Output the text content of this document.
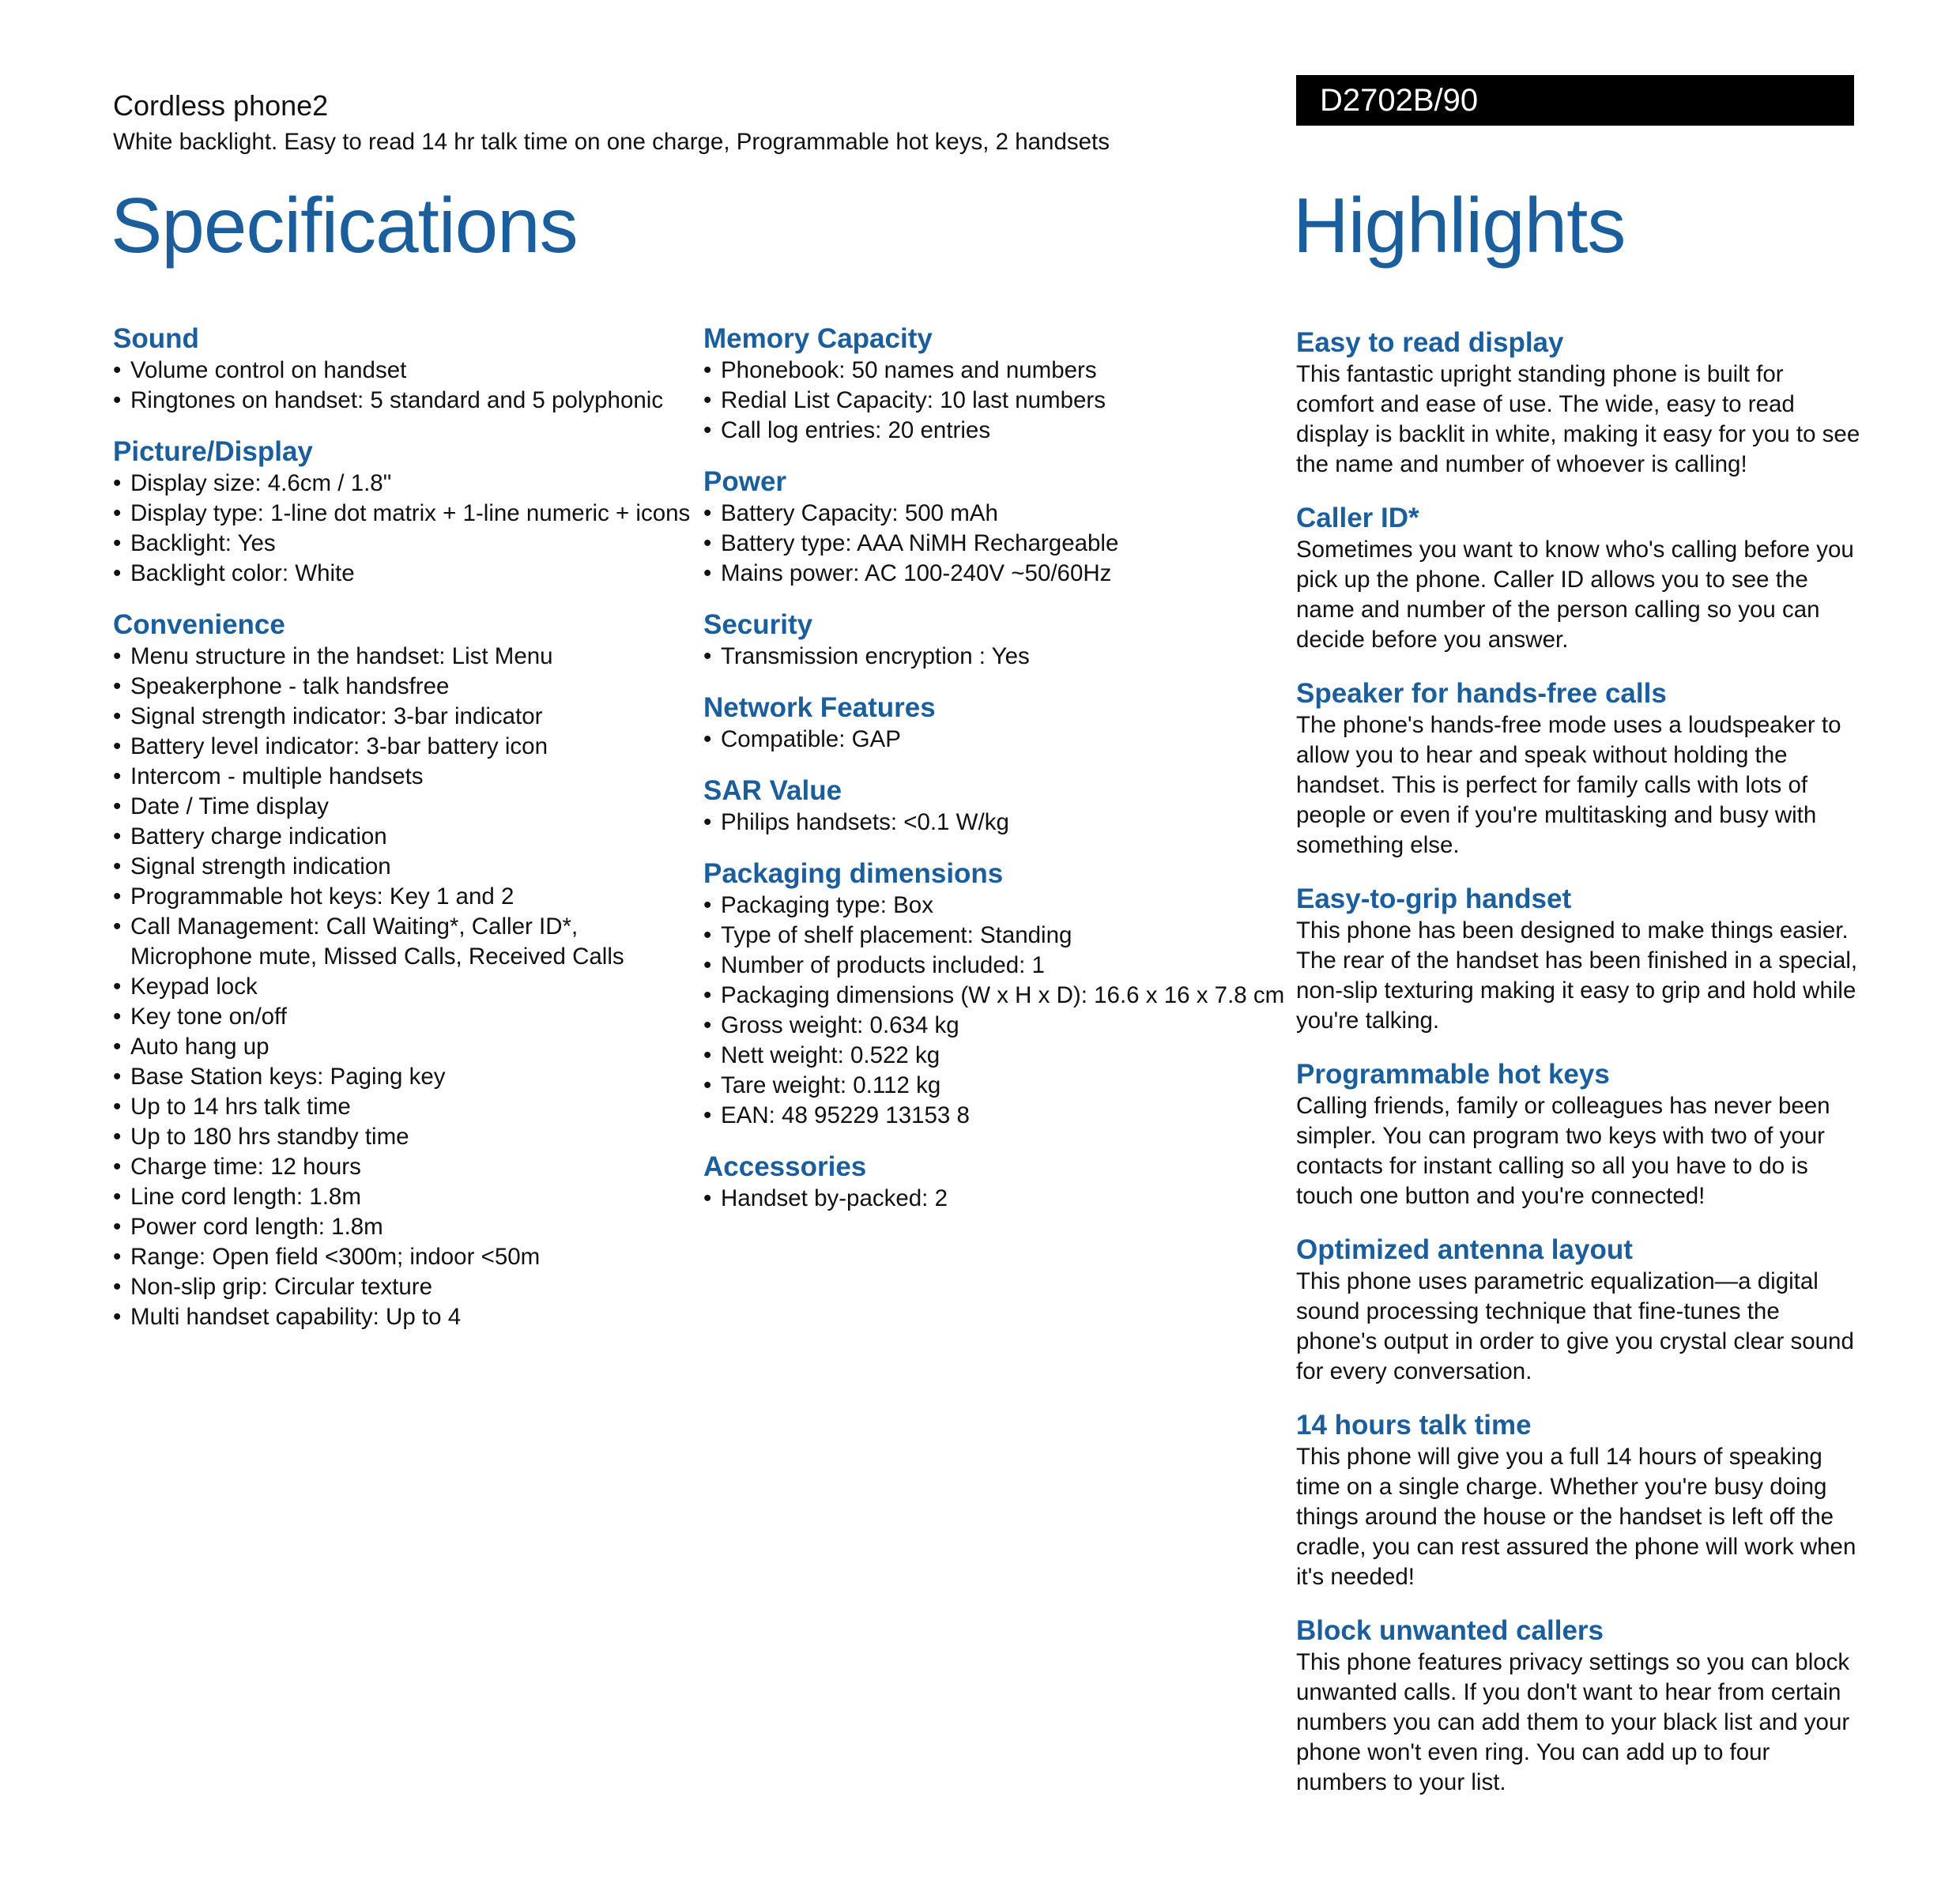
Cordless phone2
White backlight. Easy to read 14 hr talk time on one charge, Programmable hot keys, 2 handsets
D2702B/90
Specifications	Highlights
Sound
• Volume control on handset
• Ringtones on handset: 5 standard and 5 polyphonic
Picture/Display
• Display size: 4.6cm / 1.8"
• Display type: 1-line dot matrix + 1-line numeric + icons
• Backlight: Yes
• Backlight color: White
Convenience
• Menu structure in the handset: List Menu
• Speakerphone - talk handsfree
• Signal strength indicator: 3-bar indicator
• Battery level indicator: 3-bar battery icon
• Intercom - multiple handsets
• Date / Time display
• Battery charge indication
• Signal strength indication
• Programmable hot keys: Key 1 and 2
• Call Management: Call Waiting*, Caller ID*, Microphone mute, Missed Calls, Received Calls
• Keypad lock
• Key tone on/off
• Auto hang up
• Base Station keys: Paging key
• Up to 14 hrs talk time
• Up to 180 hrs standby time
• Charge time: 12 hours
• Line cord length: 1.8m
• Power cord length: 1.8m
• Range: Open field <300m; indoor <50m
• Non-slip grip: Circular texture
• Multi handset capability: Up to 4
Memory Capacity
• Phonebook: 50 names and numbers
• Redial List Capacity: 10 last numbers
• Call log entries: 20 entries
Power
• Battery Capacity: 500 mAh
• Battery type: AAA NiMH Rechargeable
• Mains power: AC 100-240V ~50/60Hz
Security
• Transmission encryption : Yes
Network Features
• Compatible: GAP
SAR Value
• Philips handsets: <0.1 W/kg
Packaging dimensions
• Packaging type: Box
• Type of shelf placement: Standing
• Number of products included: 1
• Packaging dimensions (W x H x D): 16.6 x 16 x 7.8 cm
• Gross weight: 0.634 kg
• Nett weight: 0.522 kg
• Tare weight: 0.112 kg
• EAN: 48 95229 13153 8
Accessories
• Handset by-packed: 2
Easy to read display

This fantastic upright standing phone is built for comfort and ease of use. The wide, easy to read display is backlit in white, making it easy for you to see the name and number of whoever is calling!

Caller ID*

Sometimes you want to know who's calling before you pick up the phone. Caller ID allows you to see the name and number of the person calling so you can decide before you answer.

Speaker for hands-free calls

The phone's hands-free mode uses a loudspeaker to allow you to hear and speak without holding the handset. This is perfect for family calls with lots of people or even if you're multitasking and busy with something else.

Easy-to-grip handset

This phone has been designed to make things easier. The rear of the handset has been finished in a special, non-slip texturing making it easy to grip and hold while you're talking.

Programmable hot keys

Calling friends, family or colleagues has never been simpler. You can program two keys with two of your contacts for instant calling so all you have to do is touch one button and you're connected!

Optimized antenna layout

This phone uses parametric equalization—a digital sound processing technique that fine-tunes the phone's output in order to give you crystal clear sound for every conversation.

14 hours talk time

This phone will give you a full 14 hours of speaking time on a single charge. Whether you're busy doing things around the house or the handset is left off the cradle, you can rest assured the phone will work when it's needed!

Block unwanted callers

This phone features privacy settings so you can block unwanted calls. If you don't want to hear from certain numbers you can add them to your black list and your phone won't even ring. You can add up to four numbers to your list.
